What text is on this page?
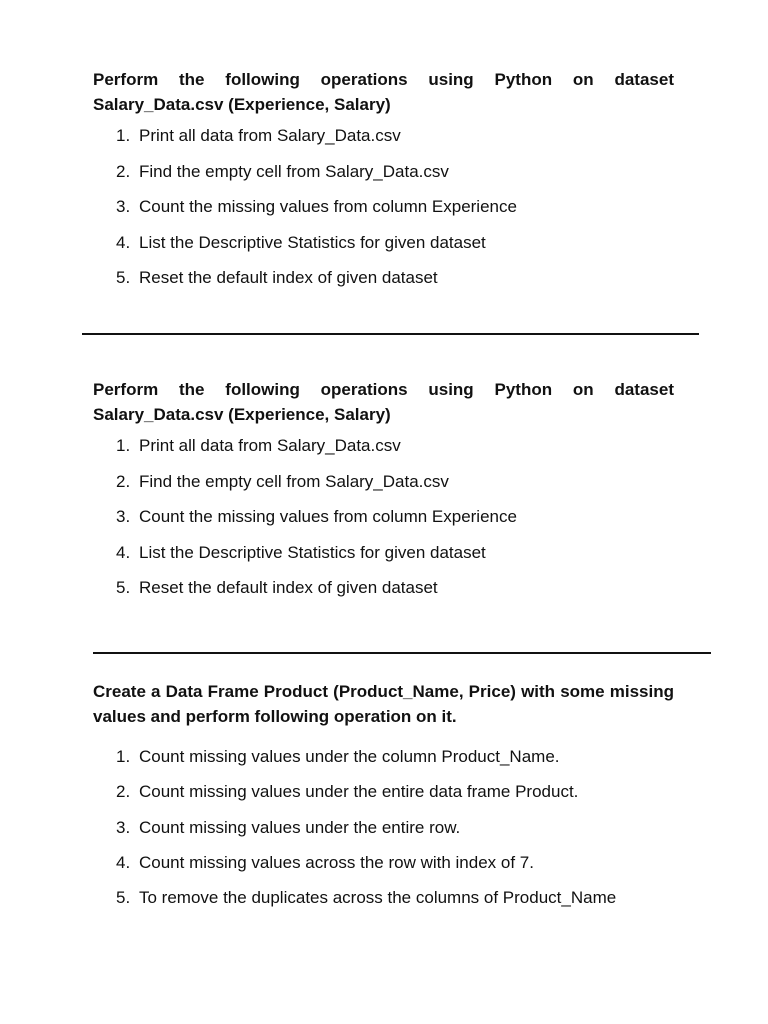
Perform the following operations using Python on dataset Salary_Data.csv (Experience, Salary)

1. Print all data from Salary_Data.csv
2. Find the empty cell from Salary_Data.csv
3. Count the missing values from column Experience
4. List the Descriptive Statistics for given dataset
5. Reset the default index of given dataset

Perform the following operations using Python on dataset Salary_Data.csv (Experience, Salary)

1. Print all data from Salary_Data.csv
2. Find the empty cell from Salary_Data.csv
3. Count the missing values from column Experience
4. List the Descriptive Statistics for given dataset
5. Reset the default index of given dataset

Create a Data Frame Product (Product_Name, Price) with some missing values and perform following operation on it.

1. Count missing values under the column Product_Name.
2. Count missing values under the entire data frame Product.
3. Count missing values under the entire row.
4. Count missing values across the row with index of 7.
5. To remove the duplicates across the columns of Product_Name
